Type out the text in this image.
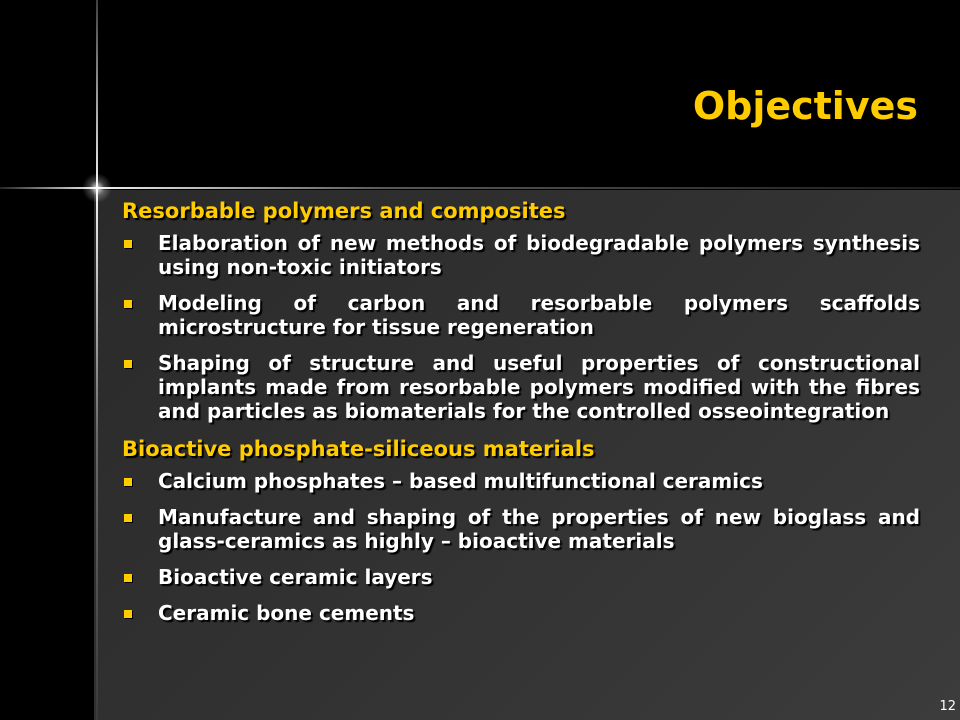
Objectives

Resorbable polymers and composites

Elaboration of new methods of biodegradable polymers synthesis using non-toxic initiators
Modeling of carbon and resorbable polymers scaffolds microstructure for tissue regeneration
Shaping of structure and useful properties of constructional implants made from resorbable polymers modified with the fibres and particles as biomaterials for the controlled osseointegration

Bioactive phosphate-siliceous materials

Calcium phosphates – based multifunctional ceramics
Manufacture and shaping of the properties of new bioglass and glass-ceramics as highly – bioactive materials
Bioactive ceramic layers
Ceramic bone cements
12
